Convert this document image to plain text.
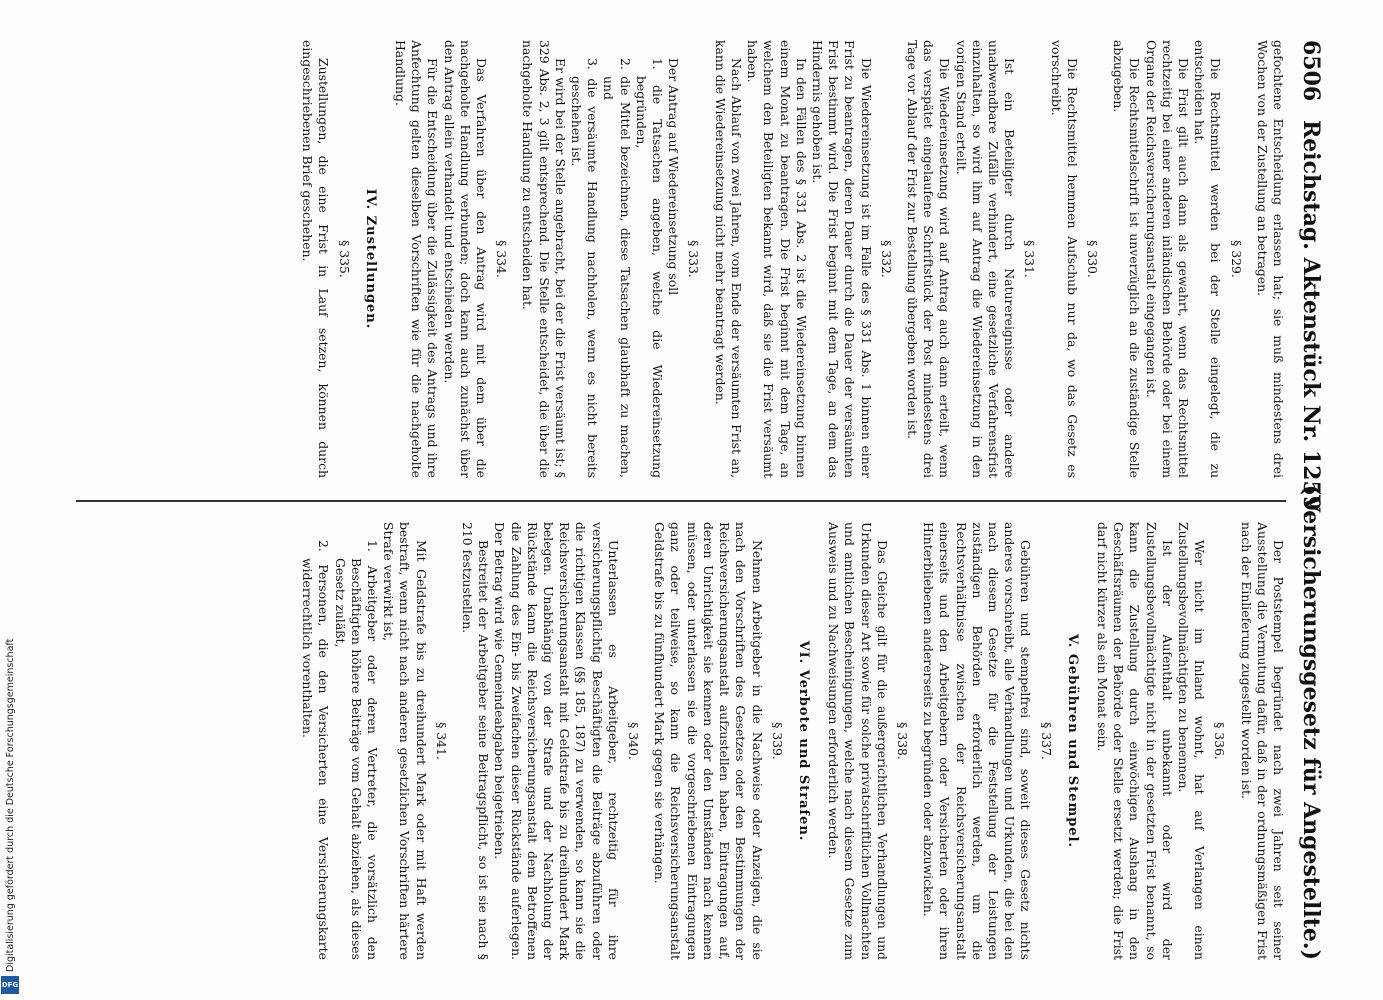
6506
Reichstag. Aktenstück Nr. 1259.
(Versicherungsgesetz für Angestellte.)

gefochtene Entscheidung erlassen hat; sie muß mindestens drei Wochen von der Zustellung an betragen.

§ 329.

Die Rechtsmittel werden bei der Stelle eingelegt, die zu entscheiden hat.

Die Frist gilt auch dann als gewahrt, wenn das Rechtsmittel rechtzeitig bei einer anderen inländischen Behörde oder bei einem Organe der Reichsversicherungsanstalt eingegangen ist.

Die Rechtsmittelschrift ist unverzüglich an die zuständige Stelle abzugeben.

§ 330.

Die Rechtsmittel hemmen Aufschub nur da, wo das Gesetz es vorschreibt.

§ 331.

Ist ein Beteiligter durch Naturereignisse oder andere unabwendbare Zufälle verhindert, eine gesetzliche Verfahrensfrist einzuhalten, so wird ihm auf Antrag die Wiedereinsetzung in den vorigen Stand erteilt.

Die Wiedereinsetzung wird auf Antrag auch dann erteilt, wenn das verspätet eingelaufene Schriftstück der Post mindestens drei Tage vor Ablauf der Frist zur Bestellung übergeben worden ist.

§ 332.

Die Wiedereinsetzung ist im Falle des § 331 Abs. 1 binnen einer Frist zu beantragen, deren Dauer durch die Dauer der versäumten Frist bestimmt wird. Die Frist beginnt mit dem Tage, an dem das Hindernis gehoben ist.

In den Fällen des § 331 Abs. 2 ist die Wiedereinsetzung binnen einem Monat zu beantragen. Die Frist beginnt mit dem Tage, an welchem den Beteiligten bekannt wird, daß sie die Frist versäumt haben.

Nach Ablauf von zwei Jahren, vom Ende der versäumten Frist an, kann die Wiedereinsetzung nicht mehr beantragt werden.

§ 333.

Der Antrag auf Wiedereinsetzung soll

1. die Tatsachen angeben, welche die Wiedereinsetzung begründen,

2. die Mittel bezeichnen, diese Tatsachen glaubhaft zu machen, und

3. die versäumte Handlung nachholen, wenn es nicht bereits geschehen ist.

Er wird bei der Stelle angebracht, bei der die Frist versäumt ist; § 329 Abs. 2, 3 gilt entsprechend. Die Stelle entscheidet, die über die nachgeholte Handlung zu entscheiden hat.

§ 334.

Das Verfahren über den Antrag wird mit dem über die nachgeholte Handlung verbunden; doch kann auch zunächst über den Antrag allein verhandelt und entschieden werden.

Für die Entscheidung über die Zulässigkeit des Antrags und ihre Anfechtung gelten dieselben Vorschriften wie für die nachgeholte Handlung.

IV. Zustellungen.
§ 335.

Zustellungen, die eine Frist in Lauf setzen, können durch eingeschriebenen Brief geschehen.

Der Poststempel begründet nach zwei Jahren seit seiner Ausstellung die Vermutung dafür, daß in der ordnungsmäßigen Frist nach der Einlieferung zugestellt worden ist.

§ 336.

Wer nicht im Inland wohnt, hat auf Verlangen einen Zustellungsbevollmächtigten zu benennen.

Ist der Aufenthalt unbekannt oder wird der Zustellungsbevollmächtigte nicht in der gesetzten Frist benannt, so kann die Zustellung durch einwöchigen Aushang in den Geschäftsräumen der Behörde oder Stelle ersetzt werden; die Frist darf nicht kürzer als ein Monat sein.

V. Gebühren und Stempel.
§ 337.

Gebühren und stempelfrei sind, soweit dieses Gesetz nichts anderes vorschreibt, alle Verhandlungen und Urkunden, die bei den nach diesem Gesetze für die Feststellung der Leistungen zuständigen Behörden erforderlich werden, um die Rechtsverhältnisse zwischen der Reichsversicherungsanstalt einerseits und den Arbeitgebern oder Versicherten oder ihren Hinterbliebenen andererseits zu begründen oder abzuwickeln.

§ 338.

Das Gleiche gilt für die außergerichtlichen Verhandlungen und Urkunden dieser Art sowie für solche privatschriftlichen Vollmachten und amtlichen Bescheinigungen, welche nach diesem Gesetze zum Ausweis und zu Nachweisungen erforderlich werden.

VI. Verbote und Strafen.
§ 339.

Nehmen Arbeitgeber in die Nachweise oder Anzeigen, die sie nach den Vorschriften des Gesetzes oder den Bestimmungen der Reichsversicherungsanstalt aufzustellen haben, Eintragungen auf, deren Unrichtigkeit sie kennen oder den Umständen nach kennen müssen, oder unterlassen sie die vorgeschriebenen Eintragungen ganz oder teilweise, so kann die Reichsversicherungsanstalt Geldstrafe bis zu fünfhundert Mark gegen sie verhängen.

§ 340.

Unterlassen es Arbeitgeber, rechtzeitig für ihre versicherungspflichtig Beschäftigten die Beiträge abzuführen oder die richtigen Klassen (§§ 185, 187) zu verwenden, so kann sie die Reichsversicherungsanstalt mit Geldstrafe bis zu dreihundert Mark belegen. Unabhängig von der Strafe und der Nachholung der Rückstände kann die Reichsversicherungsanstalt dem Betroffenen die Zahlung des Ein- bis Zweifachen dieser Rückstände auferlegen. Der Betrag wird wie Gemeindeabgaben beigetrieben.

Bestreitet der Arbeitgeber seine Beitragspflicht, so ist sie nach § 210 festzustellen.

§ 341.

Mit Geldstrafe bis zu dreihundert Mark oder mit Haft werden bestraft, wenn nicht nach anderen gesetzlichen Vorschriften härtere Strafe verwirkt ist,

1. Arbeitgeber oder deren Vertreter, die vorsätzlich den Beschäftigten höhere Beiträge vom Gehalt abziehen, als dieses Gesetz zuläßt,

2. Personen, die den Versicherten eine Versicherungskarte widerrechtlich vorenthalten.

Digitalisierung gefördert durch die Deutsche Forschungsgemeinschaft
DFG
